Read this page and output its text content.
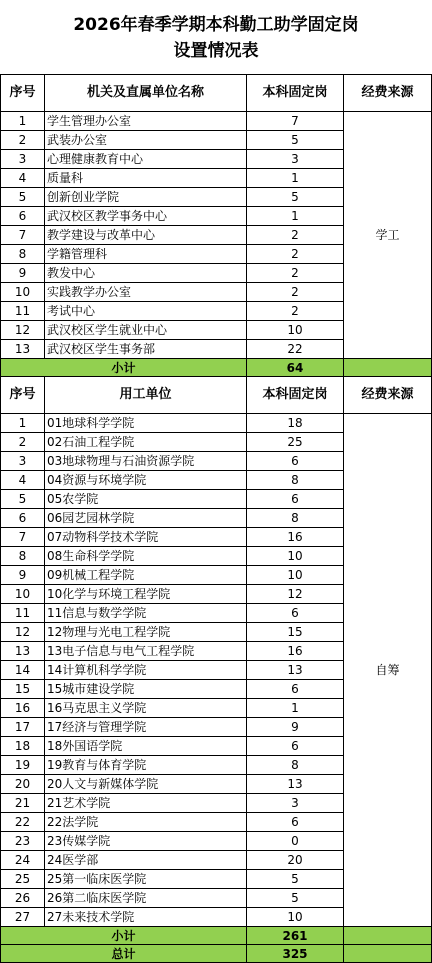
2026年春季学期本科勤工助学固定岗
设置情况表
序号	机关及直属单位名称	本科固定岗	经费来源
1	学生管理办公室	7	学工
2	武装办公室	5	
3	心理健康教育中心	3	
4	质量科	1	
5	创新创业学院	5	
6	武汉校区教学事务中心	1	
7	教学建设与改革中心	2	
8	学籍管理科	2	
9	教发中心	2	
10	实践教学办公室	2	
11	考试中心	2	
12	武汉校区学生就业中心	10	
13	武汉校区学生事务部	22	
小计		64	
序号	用工单位	本科固定岗	经费来源
1	01地球科学学院	18	自筹
2	02石油工程学院	25	
3	03地球物理与石油资源学院	6	
4	04资源与环境学院	8	
5	05农学院	6	
6	06园艺园林学院	8	
7	07动物科学技术学院	16	
8	08生命科学学院	10	
9	09机械工程学院	10	
10	10化学与环境工程学院	12	
11	11信息与数学学院	6	
12	12物理与光电工程学院	15	
13	13电子信息与电气工程学院	16	
14	14计算机科学学院	13	
15	15城市建设学院	6	
16	16马克思主义学院	1	
17	17经济与管理学院	9	
18	18外国语学院	6	
19	19教育与体育学院	8	
20	20人文与新媒体学院	13	
21	21艺术学院	3	
22	22法学院	6	
23	23传媒学院	0	
24	24医学部	20	
25	25第一临床医学院	5	
26	26第二临床医学院	5	
27	27未来技术学院	10	
小计		261	
总计		325	
